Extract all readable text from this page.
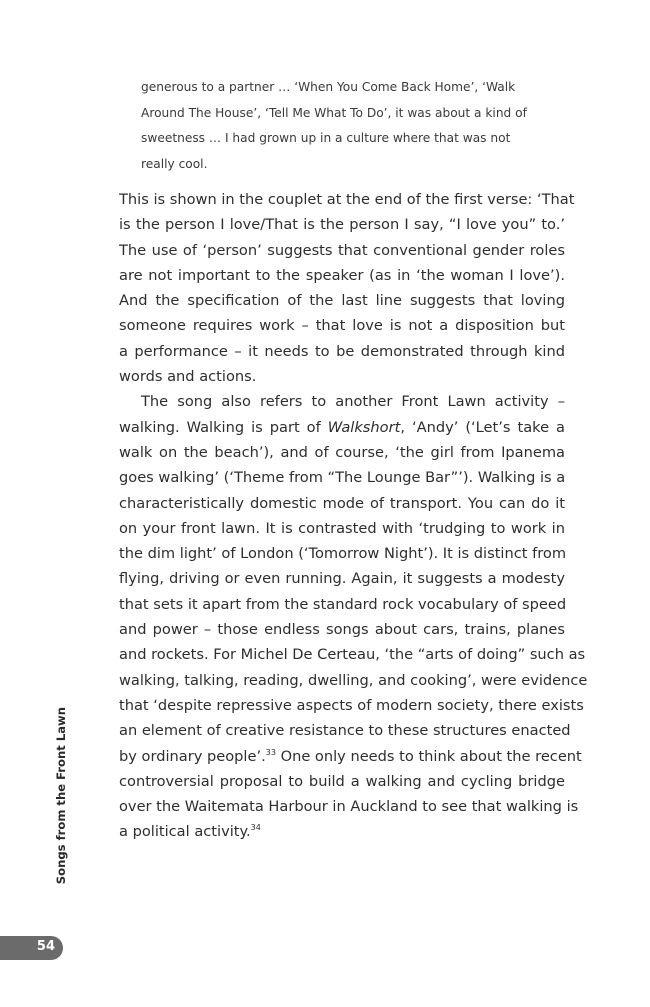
generous to a partner … ‘When You Come Back Home’, ‘Walk
Around The House’, ‘Tell Me What To Do’, it was about a kind of
sweetness … I had grown up in a culture where that was not
really cool.
This is shown in the couplet at the end of the first verse: ‘That
is the person I love/That is the person I say, “I love you” to.’
The use of ‘person’ suggests that conventional gender roles
are not important to the speaker (as in ‘the woman I love’).
And the specification of the last line suggests that loving
someone requires work – that love is not a disposition but
a performance – it needs to be demonstrated through kind
words and actions.
The song also refers to another Front Lawn activity –
walking. Walking is part of Walkshort, ‘Andy’ (‘Let’s take a
walk on the beach’), and of course, ‘the girl from Ipanema
goes walking’ (‘Theme from “The Lounge Bar”’). Walking is a
characteristically domestic mode of transport. You can do it
on your front lawn. It is contrasted with ‘trudging to work in
the dim light’ of London (‘Tomorrow Night’). It is distinct from
flying, driving or even running. Again, it suggests a modesty
that sets it apart from the standard rock vocabulary of speed
and power – those endless songs about cars, trains, planes
and rockets. For Michel De Certeau, ‘the “arts of doing” such as
walking, talking, reading, dwelling, and cooking’, were evidence
that ‘despite repressive aspects of modern society, there exists
an element of creative resistance to these structures enacted
by ordinary people’.$^{33}$ One only needs to think about the recent
controversial proposal to build a walking and cycling bridge
over the Waitemata Harbour in Auckland to see that walking is
a political activity.$^{34}$
Songs from the Front Lawn
54
